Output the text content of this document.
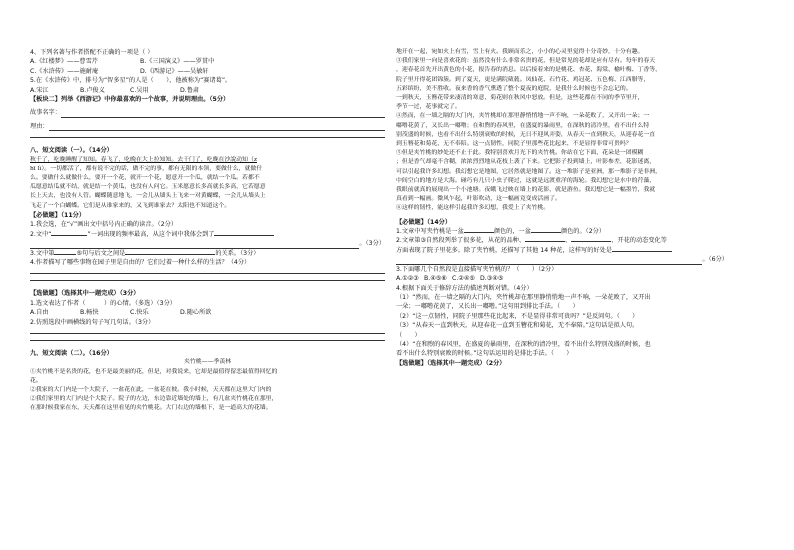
4、下列名著与作者搭配不正确的一项是（ ）
A.《红楼梦》——曹雪芹	B.《三国演义》——罗贯中
C.《水浒传》——施耐庵	D.《西游记》——吴敏轩
5.在《水浒传》中，排号为“智多星”的人是（　　），他被称为“赛诸葛”。
A.宋江	B.卢俊义	C.吴用	D.鲁肃
【板块二】列举《西游记》中你最喜欢的一个故事，并说明理由。（5分）
故事名字：
理由：
八、短文阅读（一）。（14分）
秋千了，吃晚睡醒了知知。春飞了，吃晚在大上拉知知。去干门了，吃晚在沙說动知（z
hī lì）。一切都活了，都有说不完的话，做不完的事，都有无限的本领，要做什么，就做什
么。要做什么就做什么，要开一个花，就开一个花，愿意开一个瓜，就结一个瓜。若都不
瓜愿意结瓜就不结，就是结一个黄瓜，也没有人问它。玉米愿意长多高就长多高，它若愿意
长上天去，也没有人管。蝴蝶随意地飞，一会儿从墙头上飞来一对黄蝴蝶，一会儿从墙头上
飞走了一个白蝴蝶。它们是从谁家来的，又飞到谁家去？太阳也不知道这个。
【必做题】（11分）
1.我会选，在“√”画出文中括号内正确的读音。（2分）
2.文中“	”一词出现的频率最高，从这个词中我体会到了
。（3分）
3.文中第	⑤句与后文之间是	的关系。（3分）
4.作者描写了哪些事物在园子里是自由的？它们过着一种什么样的生活？（4分）
【选做题】（选择其中一题完成）（3分）
1.选文表达了作者（　　　）的心情。（多选）（3分）
A.自由	B.畅快	C.快乐	D.随心所欲
2.仿照选段中画横线的句子写几句话。（3分）
九、短文阅读（二）。（16分）
夹竹桃——季羡林
①夹竹桃不是名贵的花，也不是最美丽的花，但是，对我说来，它却是最值得留恋最值得回忆的
花。
②我家的大门内是一个大院子，一盆花在此，一盆花在彼。我小时候，天天都在这里大门内的
②我们家里的大门内是个大院子。院子的左边，东边靠近墙处的墙上，有几盆夹竹桃花在那里，
在那时候我家在东，天天都在这里看见的夹竹桃花。大门右边的墙根下，是一道高大的花墙。
地开在一起，宛如火上有雪，雪上有火。我顾而乐之，小小的心灵里觉得十分奇妙，十分有趣。
③我们家里一向是喜欢花的：虽然没有什么非常名贵的花，但是常见的花却是应有尽有。每年的春天
，迎春花首先开出黄色的小花，报告春的消息。以后接着来的是桃花、杏花、海棠、榆叶梅、丁香等，
院子里开得花团锦簇。到了夏天，更是满院葳蕤。凤仙花、石竹花、鸡冠花、五色梅、江西腊等，
五彩缤纷，美不胜收。夜来香的香气熏透了整个夏夜的庭院，是我什么时候也不会忘记的。
一到秋天，玉簪花带来凄清的寒意，菊花则在秋风中怒放。但是，这些花都在不同的季节里开，
季节一过，花事就完了。
④然而，在一墙之隔的大门内，夹竹桃却在那里静悄悄地一声不响，一朵花败了，又开出一朵；一
嘟噜花黄了，又长出一嘟噜；在和煦的春风里，在盛夏的暴雨里，在深秋的清冷里，看不出什么特
别茂盛的时候，也看不出什么特别衰败的时候，无日不迎风弄姿，从春天一直到秋天，从迎春花一直
到玉簪花和菊花，无不奉陪。这一点韧性，同院子里那些花比起来，不是显得非常可贵吗？
⑤但是夹竹桃的妙处还不止于此。我特别喜欢月光下的夹竹桃。你站在它下面，花朵是一团模糊
；但是香气却毫不含糊，浓浓烈烈地从花枝上袭了下来。它把影子投到墙上，叶影参差，花影迷离，
可以引起我许多幻想。我幻想它是地图，它居然就是地图了。这一堆影子是亚洲，那一堆影子是非洲，
中间空白的地方是大海。碰巧有几只小虫子爬过，这就是远渡重洋的海轮。我幻想它是水中的荇藻，
我眼前就真的展现出一个小池塘。夜蛾飞过映在墙上的花影，就是游鱼。我幻想它是一幅墨竹，我就
真看到一幅画。微风乍起，叶影吹动，这一幅画竟变成活画了。
⑥这样的韧性，能这样引起我许多幻想，我爱上了夹竹桃。
【必做题】（14分）
1.文章中写夹竹桃是一盆	颜色的，一盆	颜色的。（2分）
2.文章第③自然段列举了很多花，从花的品种、	、	、开花的动态变化等
方面表现了院子里花多。除了夹竹桃，还描写了其他 14 种花，这样写的好处是
。（6分）
3.下面哪几个自然段是直接描写夹竹桃的？（　　）（2分）
A.①②③ B.④⑤⑥ C.②④⑤ D.③④⑤
4.根据下面关于修辞方法的描述判断对错。（4分）
（1）“然而，在一墙之隔的大门内，夹竹桃却在那里静悄悄地一声不响，一朵花败了，又开出
一朵；一嘟噜花黄了，又长出一嘟噜。”这句用到排比手法。（　　）
（2）“这一点韧性，同院子里那些花比起来，不是显得非常可贵吗？”是反问句。（　　）
（3）“从春天一直到秋天，从迎春花一直到玉簪花和菊花，无不奉陪。”这句话是拟人句。
（　　）
（4）“在和煦的春风里，在盛夏的暴雨里，在深秋的清冷里，看不出什么特别茂盛的时候，也
看不出什么特别衰败的时候。”这句话运用的是排比手法。（　　）
【选做题】（选择其中一题完成）（2分）
